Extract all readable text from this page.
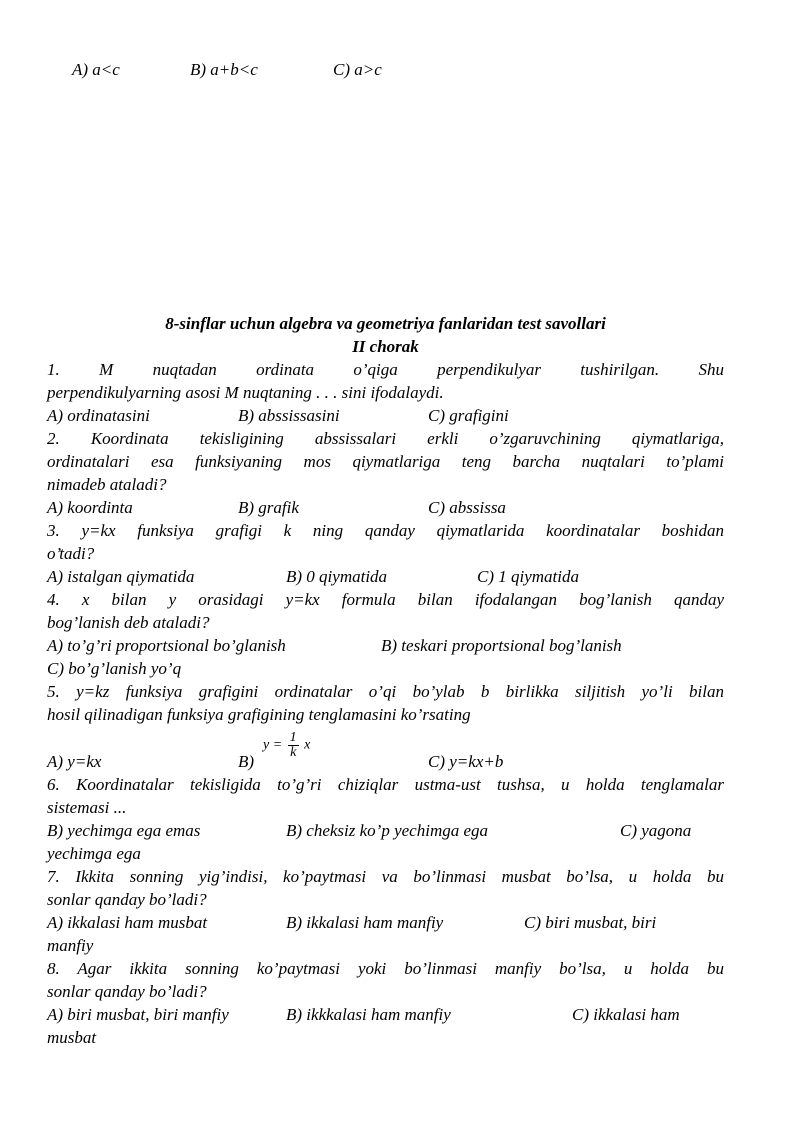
A) a<c	B) a+b<c	C) a>c
8-sinflar uchun algebra va geometriya fanlaridan test savollari
II chorak
1. M nuqtadan ordinata o’qiga perpendikulyar tushirilgan. Shu
perpendikulyarning asosi M nuqtaning . . . sini ifodalaydi.
A) ordinatasini	B) abssissasini	C) grafigini
2. Koordinata tekisligining abssissalari erkli o’zgaruvchining qiymatlariga,
ordinatalari esa funksiyaning mos qiymatlariga teng barcha nuqtalari to’plami
nimadeb ataladi?
A) koordinta	B) grafik	C) abssissa
3. y=kx funksiya grafigi k ning qanday qiymatlarida koordinatalar boshidan
o’tadi?
A) istalgan qiymatida	B) 0 qiymatida	C) 1 qiymatida
4. x bilan y orasidagi y=kx formula bilan ifodalangan bog’lanish qanday
bog’lanish deb ataladi?
A) to’g’ri proportsional bo’glanish	B) teskari proportsional bog’lanish
C) bo’g’lanish yo’q
5. y=kz funksiya grafigini ordinatalar o’qi bo’ylab b birlikka siljitish yo’li bilan
hosil qilinadigan funksiya grafigining tenglamasini ko’rsating
A) y=kx	B)
$y = \frac{1}{k}$ x
C) y=kx+b
6. Koordinatalar tekisligida to’g’ri chiziqlar ustma-ust tushsa, u holda tenglamalar
sistemasi ...
B) yechimga ega emas	B) cheksiz ko’p yechimga ega	C) yagona
yechimga ega
7. Ikkita sonning yig’indisi, ko’paytmasi va bo’linmasi musbat bo’lsa, u holda bu
sonlar qanday bo’ladi?
A) ikkalasi ham musbat	B) ikkalasi ham manfiy	C) biri musbat, biri
manfiy
8. Agar ikkita sonning ko’paytmasi yoki bo’linmasi manfiy bo’lsa, u holda bu
sonlar qanday bo’ladi?
A) biri musbat, biri manfiy	B) ikkkalasi ham manfiy	C) ikkalasi ham
musbat
